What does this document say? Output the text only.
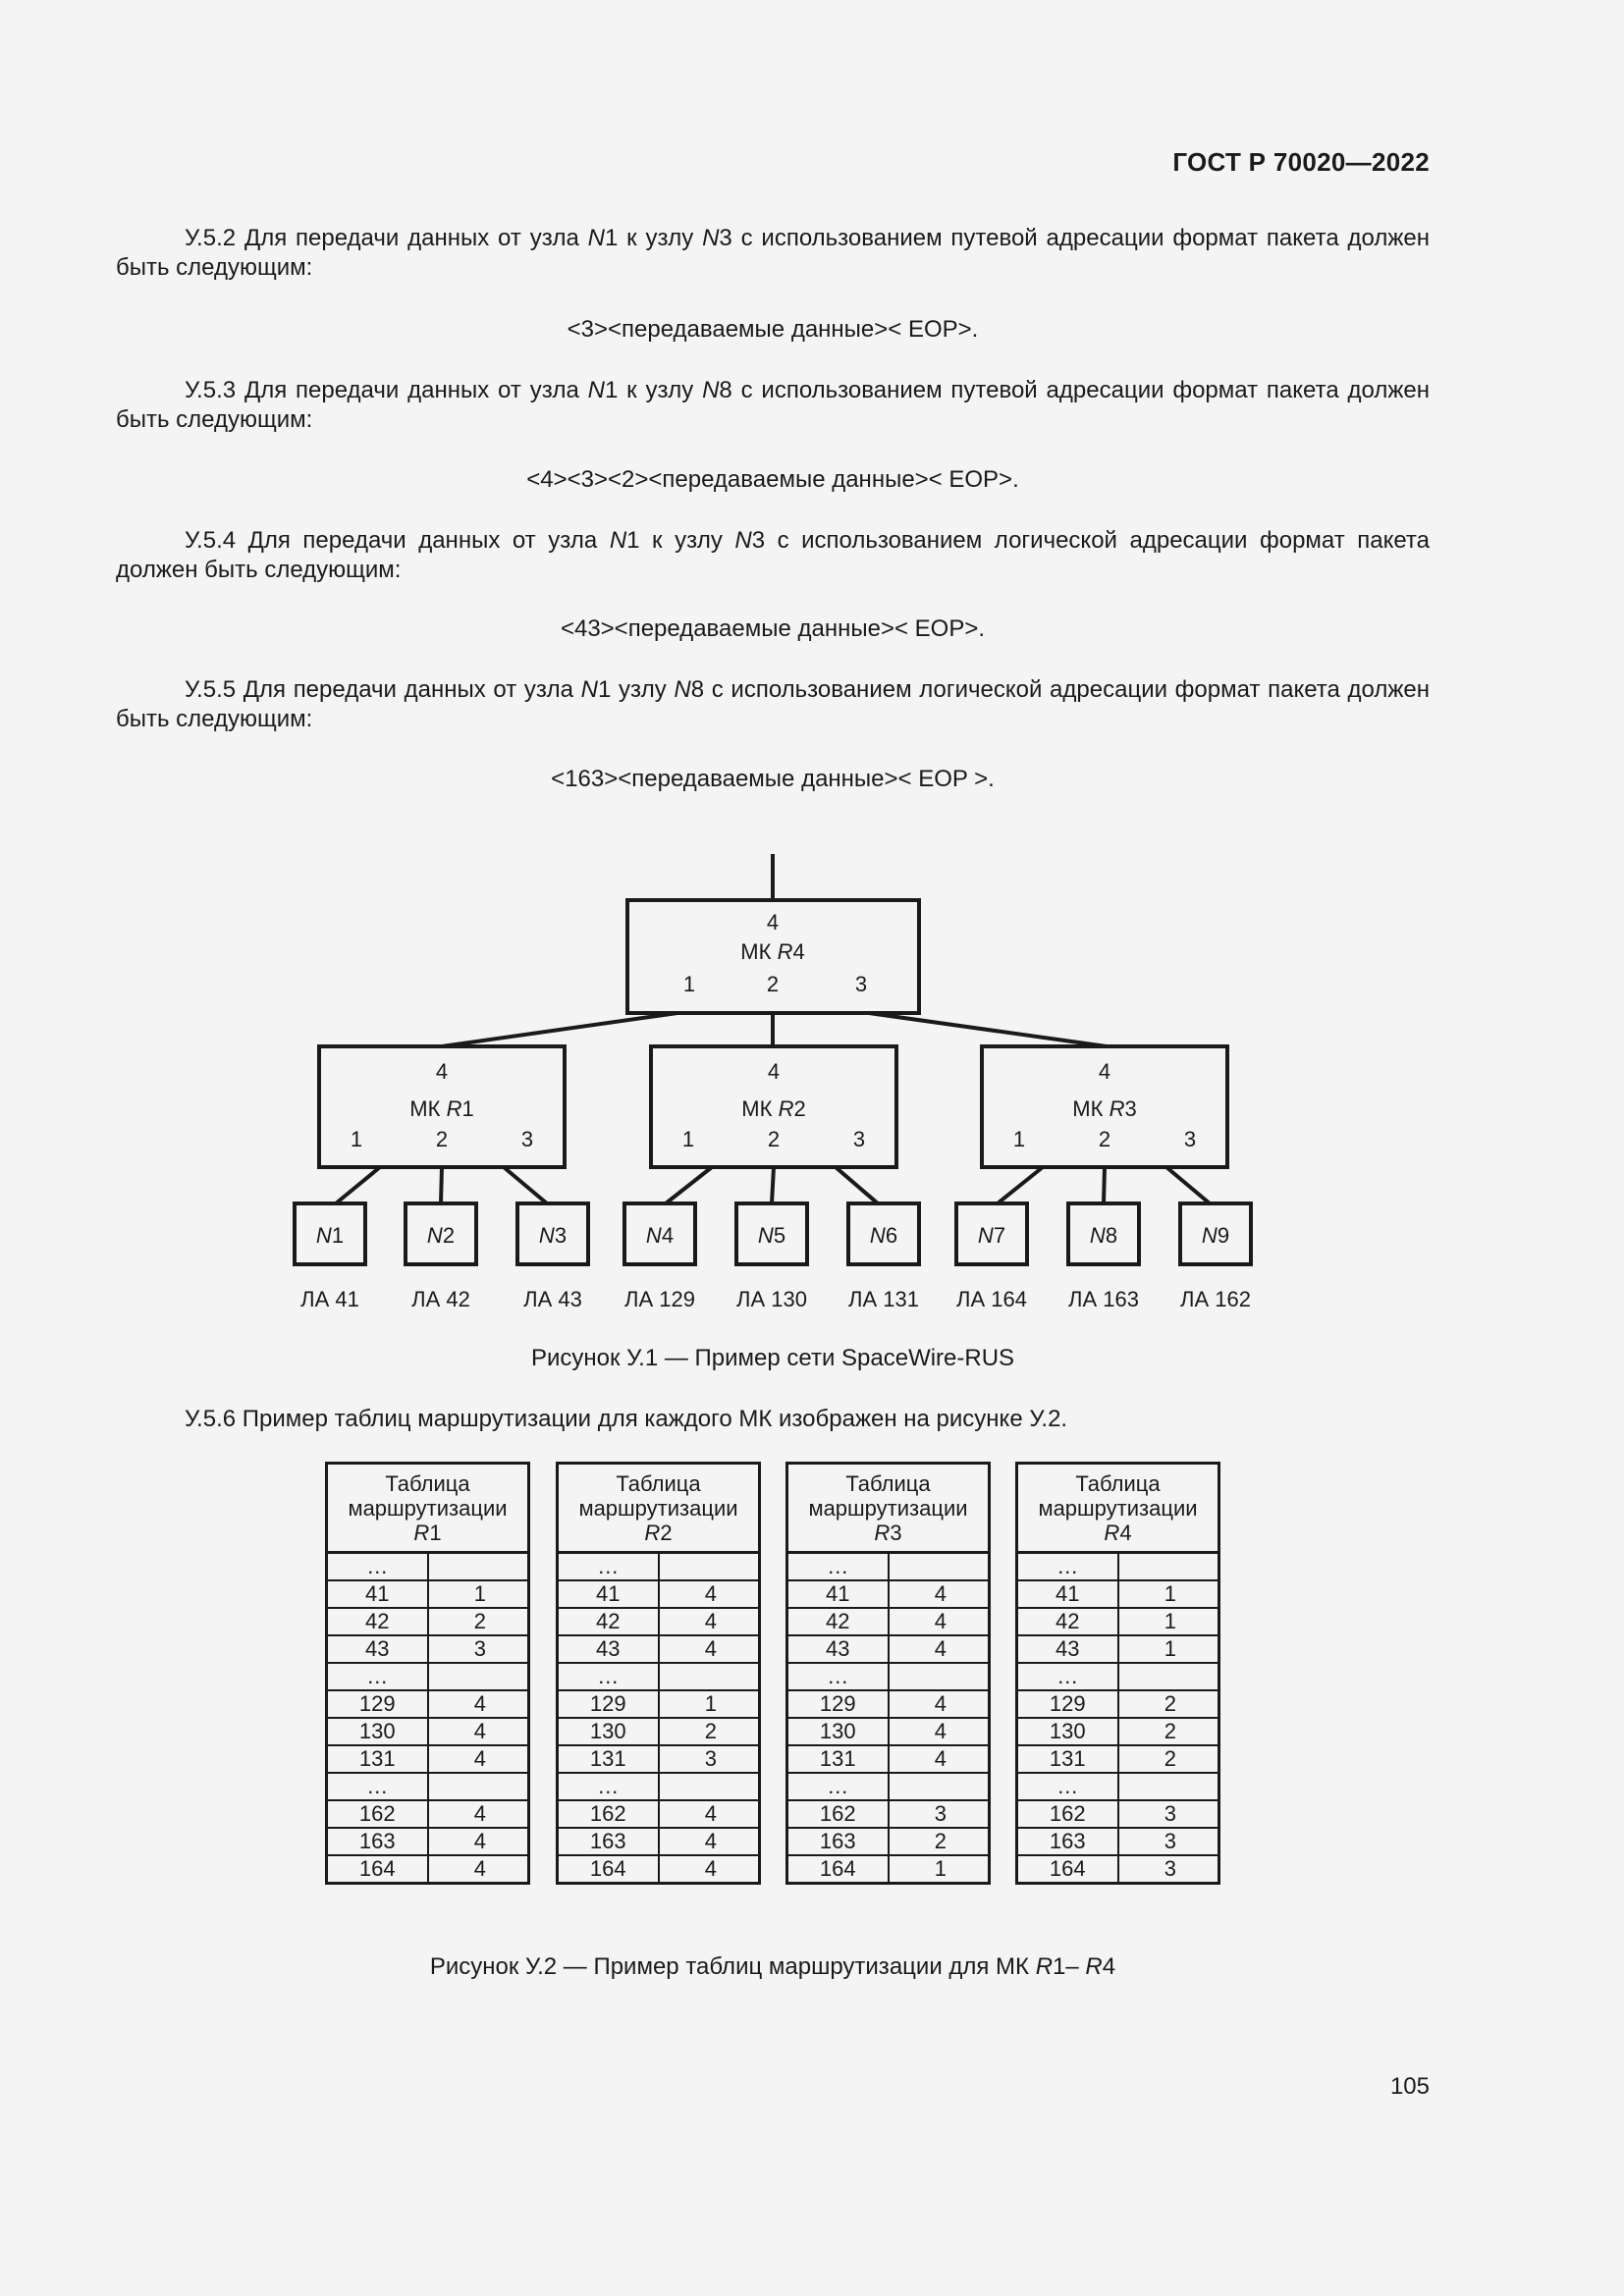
ГОСТ Р 70020—2022
У.5.2 Для передачи данных от узла N1 к узлу N3 с использованием путевой адресации формат пакета должен быть следующим:
<3><передаваемые данные>< EOP>.
У.5.3 Для передачи данных от узла N1 к узлу N8 с использованием путевой адресации формат пакета должен быть следующим:
<4><3><2><передаваемые данные>< EOP>.
У.5.4 Для передачи данных от узла N1 к узлу N3 с использованием логической адресации формат пакета должен быть следующим:
<43><передаваемые данные>< EOP>.
У.5.5 Для передачи данных от узла N1 узлу N8 с использованием логической адресации формат пакета должен быть следующим:
<163><передаваемые данные>< EOP >.
4
МК R4
1	2	3
4
МК R1
1	2	3
4
МК R2
1	2	3
4
МК R3
1	2	3
N1
ЛА 41
N2
ЛА 42
N3
ЛА 43
N4
ЛА 129
N5
ЛА 130
N6
ЛА 131
N7
ЛА 164
N8
ЛА 163
N9
ЛА 162
Рисунок У.1 — Пример сети SpaceWire-RUS
У.5.6 Пример таблиц маршрутизации для каждого МК изображен на рисунке У.2.
Таблица
маршрутизации
R1	
…	
41	1
42	2
43	3
…	
129	4
130	4
131	4
…	
162	4
163	4
164	4
Таблица
маршрутизации
R2	
…	
41	4
42	4
43	4
…	
129	1
130	2
131	3
…	
162	4
163	4
164	4
Таблица
маршрутизации
R3	
…	
41	4
42	4
43	4
…	
129	4
130	4
131	4
…	
162	3
163	2
164	1
Таблица
маршрутизации
R4	
…	
41	1
42	1
43	1
…	
129	2
130	2
131	2
…	
162	3
163	3
164	3
Рисунок У.2 — Пример таблиц маршрутизации для МК R1– R4
105
